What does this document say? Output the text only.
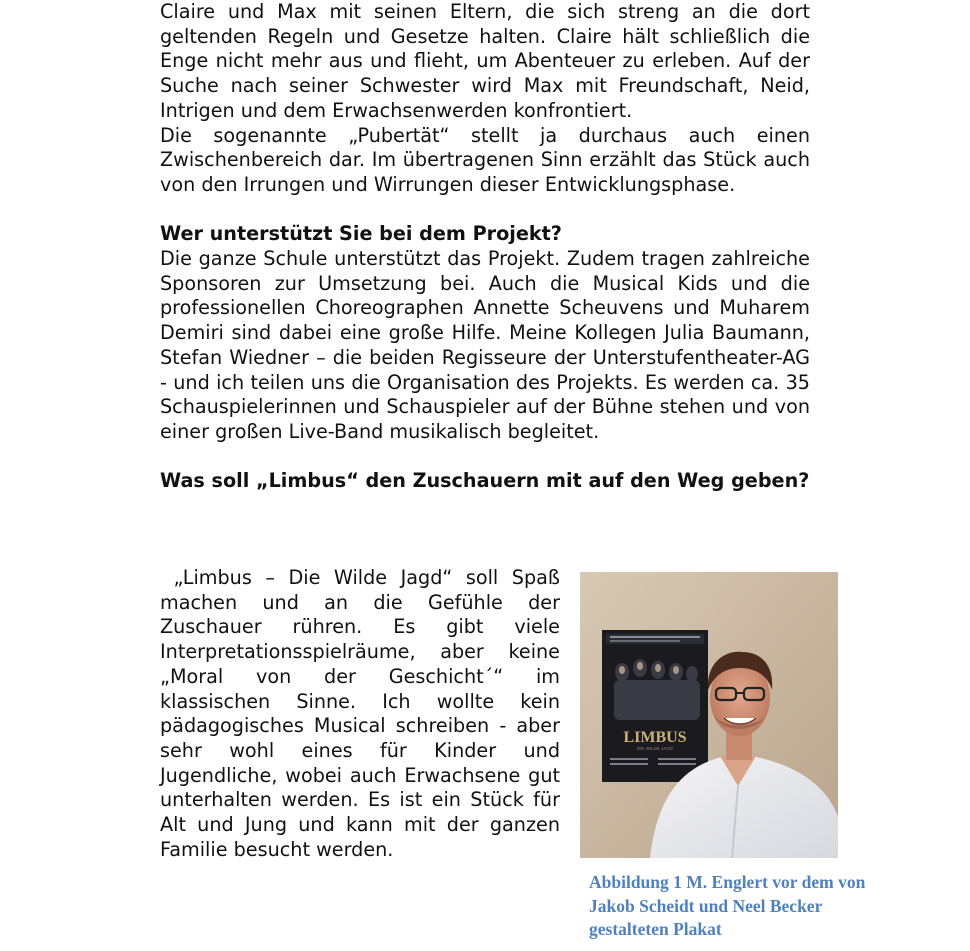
Claire und Max mit seinen Eltern, die sich streng an die dort geltenden Regeln und Gesetze halten. Claire hält schließlich die Enge nicht mehr aus und flieht, um Abenteuer zu erleben. Auf der Suche nach seiner Schwester wird Max mit Freundschaft, Neid, Intrigen und dem Erwachsenwerden konfrontiert.

Die sogenannte „Pubertät“ stellt ja durchaus auch einen Zwischenbereich dar. Im übertragenen Sinn erzählt das Stück auch von den Irrungen und Wirrungen dieser Entwicklungsphase.

Wer unterstützt Sie bei dem Projekt?

Die ganze Schule unterstützt das Projekt. Zudem tragen zahlreiche Sponsoren zur Umsetzung bei. Auch die Musical Kids und die professionellen Choreographen Annette Scheuvens und Muharem Demiri sind dabei eine große Hilfe. Meine Kollegen Julia Baumann, Stefan Wiedner – die beiden Regisseure der Unterstufentheater-AG - und ich teilen uns die Organisation des Projekts. Es werden ca. 35 Schauspielerinnen und Schauspieler auf der Bühne stehen und von einer großen Live-Band musikalisch begleitet.

Was soll „Limbus“ den Zuschauern mit auf den Weg geben?

„Limbus – Die Wilde Jagd“ soll Spaß machen und an die Gefühle der Zuschauer rühren. Es gibt viele Interpretationsspielräume, aber keine „Moral von der Geschicht´“ im klassischen Sinne. Ich wollte kein pädagogisches Musical schreiben - aber sehr wohl eines für Kinder und Jugendliche, wobei auch Erwachsene gut unterhalten werden. Es ist ein Stück für Alt und Jung und kann mit der ganzen Familie besucht werden.

LIMBUS
DIE WILDE JAGD
Abbildung 1 M. Englert vor dem von Jakob Scheidt und Neel Becker gestalteten Plakat
